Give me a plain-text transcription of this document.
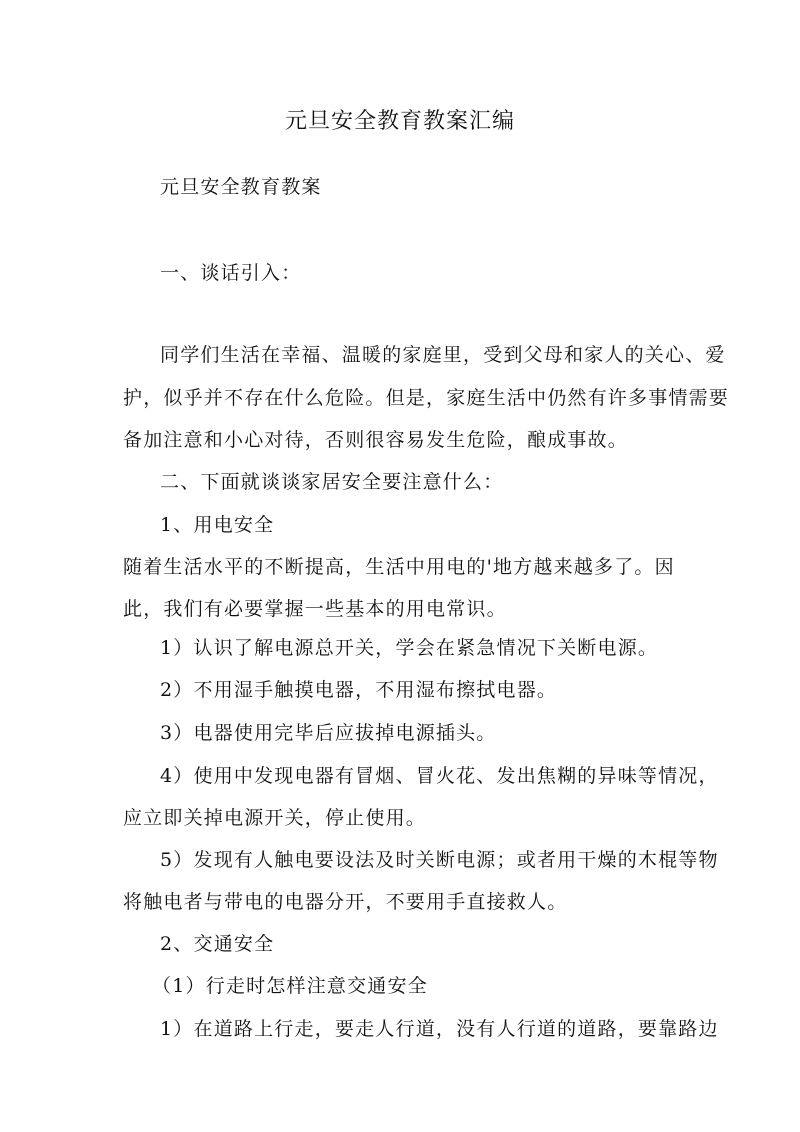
元旦安全教育教案汇编
元旦安全教育教案
一、谈话引入：
同学们生活在幸福、温暖的家庭里，受到父母和家人的关心、爱
护，似乎并不存在什么危险。但是，家庭生活中仍然有许多事情需要
备加注意和小心对待，否则很容易发生危险，酿成事故。
二、下面就谈谈家居安全要注意什么：
1、用电安全
随着生活水平的不断提高，生活中用电的'地方越来越多了。因
此，我们有必要掌握一些基本的用电常识。
1）认识了解电源总开关，学会在紧急情况下关断电源。
2）不用湿手触摸电器，不用湿布擦拭电器。
3）电器使用完毕后应拔掉电源插头。
4）使用中发现电器有冒烟、冒火花、发出焦糊的异味等情况，
应立即关掉电源开关，停止使用。
5）发现有人触电要设法及时关断电源；或者用干燥的木棍等物
将触电者与带电的电器分开，不要用手直接救人。
2、交通安全
（1）行走时怎样注意交通安全
1）在道路上行走，要走人行道，没有人行道的道路，要靠路边
